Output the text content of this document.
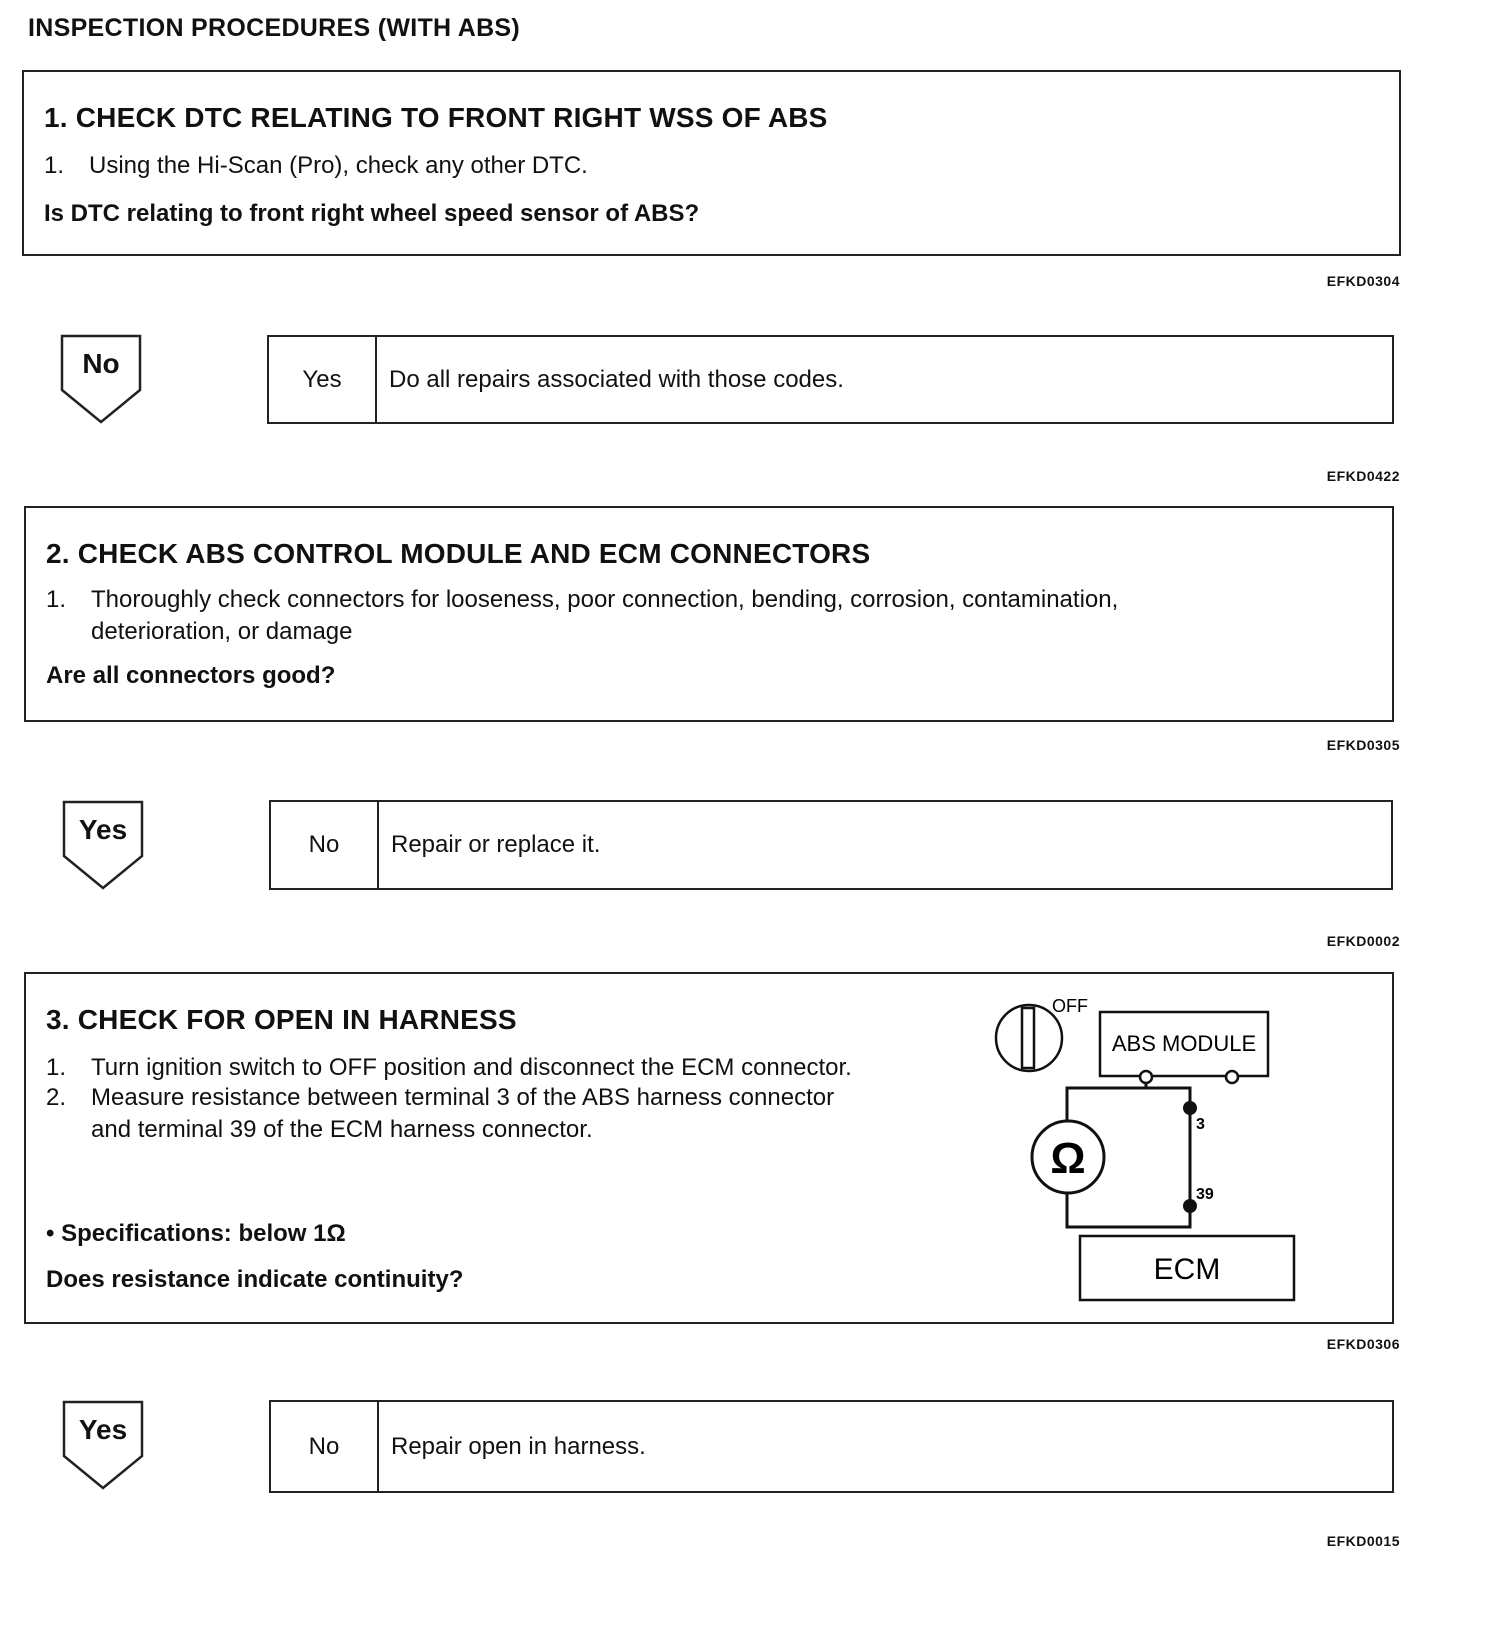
INSPECTION PROCEDURES (WITH ABS)
1. CHECK DTC RELATING TO FRONT RIGHT WSS OF ABS
1. Using the Hi-Scan (Pro), check any other DTC.
Is DTC relating to front right wheel speed sensor of ABS?
EFKD0304
No	Yes	Do all repairs associated with those codes.
EFKD0422
2. CHECK ABS CONTROL MODULE AND ECM CONNECTORS
1. Thoroughly check connectors for looseness, poor connection, bending, corrosion, contamination,
deterioration, or damage
Are all connectors good?
EFKD0305
Yes	No	Repair or replace it.
EFKD0002
3. CHECK FOR OPEN IN HARNESS
1. Turn ignition switch to OFF position and disconnect the ECM connector.
2. Measure resistance between terminal 3 of the ABS harness connector
and terminal 39 of the ECM harness connector.
• Specifications: below 1Ω
Does resistance indicate continuity?
OFF
ABS MODULE
Ω
3
39
ECM
EFKD0306
Yes
No	Repair open in harness.
EFKD0015
